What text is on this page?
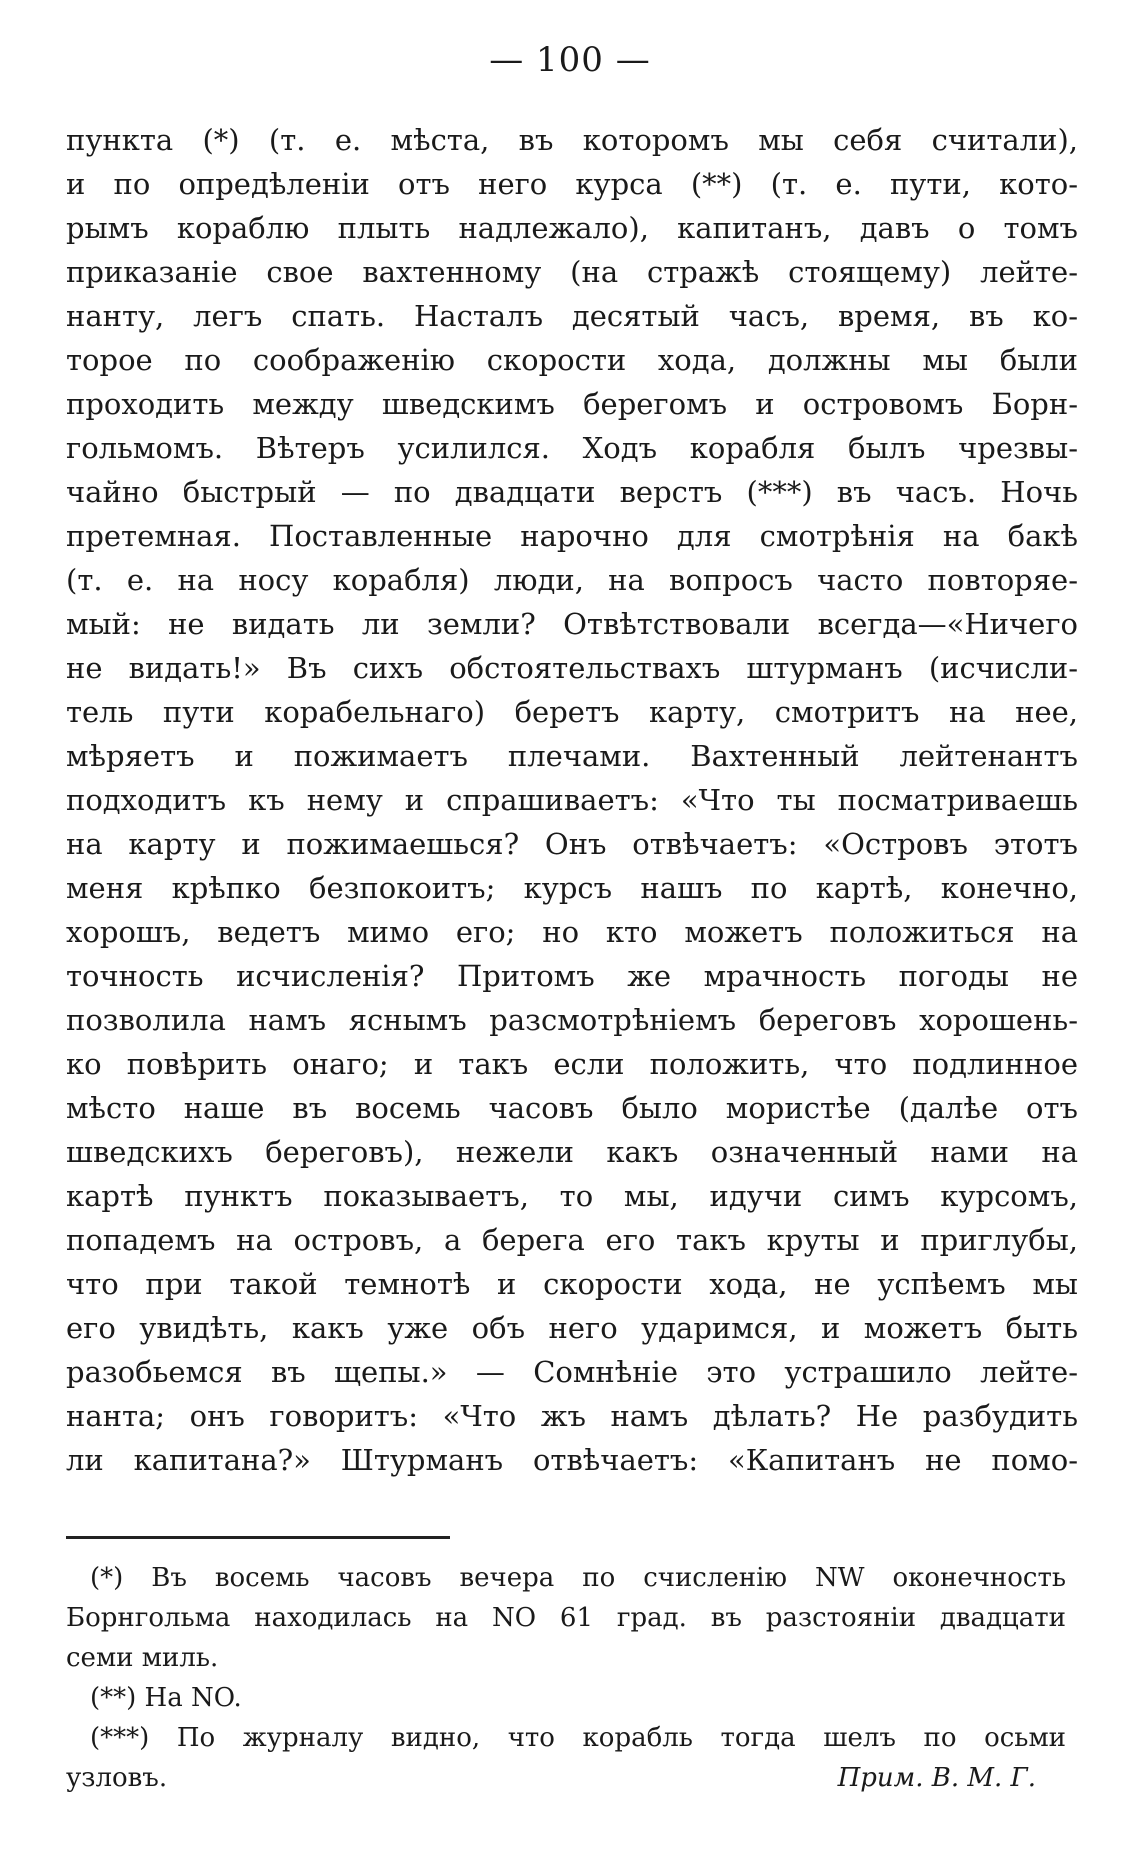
— 100 —
пункта (*) (т. е. мѣста, въ которомъ мы себя считали),
и по опредѣленіи отъ него курса (**) (т. е. пути, кото-
рымъ кораблю плыть надлежало), капитанъ, давъ о томъ
приказаніе свое вахтенному (на стражѣ стоящему) лейте-
нанту, легъ спать. Насталъ десятый часъ, время, въ ко-
торое по соображенію скорости хода, должны мы были
проходить между шведскимъ берегомъ и островомъ Борн-
гольмомъ. Вѣтеръ усилился. Ходъ корабля былъ чрезвы-
чайно быстрый — по двадцати верстъ (***) въ часъ. Ночь
претемная. Поставленные нарочно для смотрѣнія на бакѣ
(т. е. на носу корабля) люди, на вопросъ часто повторяе-
мый: не видать ли земли? Отвѣтствовали всегда—«Ничего
не видать!» Въ сихъ обстоятельствахъ штурманъ (исчисли-
тель пути корабельнаго) беретъ карту, смотритъ на нее,
мѣряетъ и пожимаетъ плечами. Вахтенный лейтенантъ
подходитъ къ нему и спрашиваетъ: «Что ты посматриваешь
на карту и пожимаешься? Онъ отвѣчаетъ: «Островъ этотъ
меня крѣпко безпокоитъ; курсъ нашъ по картѣ, конечно,
хорошъ, ведетъ мимо его; но кто можетъ положиться на
точность исчисленія? Притомъ же мрачность погоды не
позволила намъ яснымъ разсмотрѣніемъ береговъ хорошень-
ко повѣрить онаго; и такъ если положить, что подлинное
мѣсто наше въ восемь часовъ было мористѣе (далѣе отъ
шведскихъ береговъ), нежели какъ означенный нами на
картѣ пунктъ показываетъ, то мы, идучи симъ курсомъ,
попадемъ на островъ, а берега его такъ круты и приглубы,
что при такой темнотѣ и скорости хода, не успѣемъ мы
его увидѣть, какъ уже объ него ударимся, и можетъ быть
разобьемся въ щепы.» — Сомнѣніе это устрашило лейте-
нанта; онъ говоритъ: «Что жъ намъ дѣлать? Не разбудить
ли капитана?» Штурманъ отвѣчаетъ: «Капитанъ не помо-
(*) Въ восемь часовъ вечера по счисленію NW оконечность
Борнгольма находилась на NO 61 град. въ разстояніи двадцати
семи миль.
(**) На NO.
(***) По журналу видно, что корабль тогда шелъ по осьми
узловъ.	Прим. В. М. Г.
